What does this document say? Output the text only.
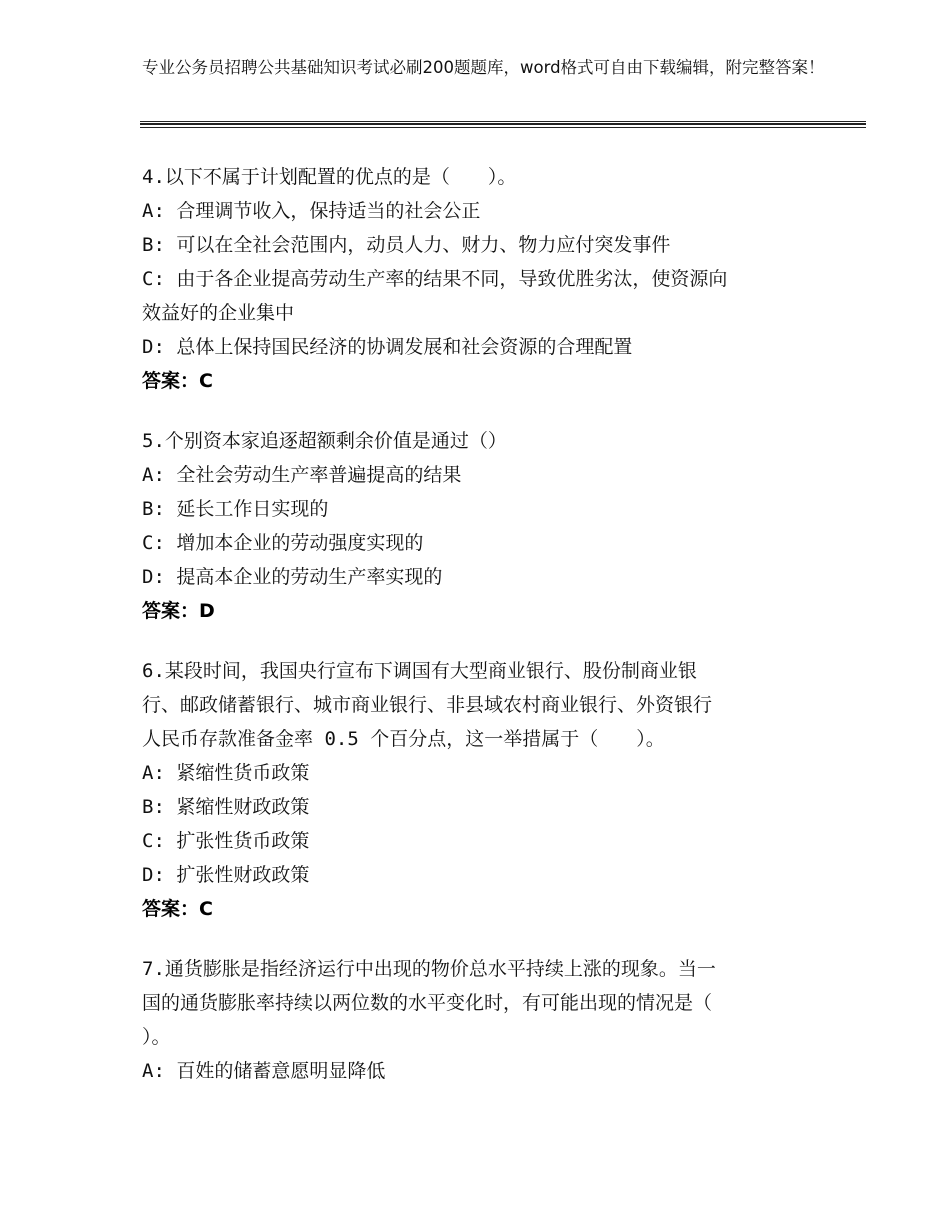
专业公务员招聘公共基础知识考试必刷200题题库，word格式可自由下载编辑，附完整答案！
4.以下不属于计划配置的优点的是（　　）。
A: 合理调节收入，保持适当的社会公正
B: 可以在全社会范围内，动员人力、财力、物力应付突发事件
C: 由于各企业提高劳动生产率的结果不同，导致优胜劣汰，使资源向
效益好的企业集中
D: 总体上保持国民经济的协调发展和社会资源的合理配置
答案：C
5.个别资本家追逐超额剩余价值是通过（）
A: 全社会劳动生产率普遍提高的结果
B: 延长工作日实现的
C: 增加本企业的劳动强度实现的
D: 提高本企业的劳动生产率实现的
答案：D
6.某段时间，我国央行宣布下调国有大型商业银行、股份制商业银
行、邮政储蓄银行、城市商业银行、非县域农村商业银行、外资银行
人民币存款准备金率 0.5 个百分点，这一举措属于（　　）。
A: 紧缩性货币政策
B: 紧缩性财政政策
C: 扩张性货币政策
D: 扩张性财政政策
答案：C
7.通货膨胀是指经济运行中出现的物价总水平持续上涨的现象。当一
国的通货膨胀率持续以两位数的水平变化时，有可能出现的情况是（
）。
A: 百姓的储蓄意愿明显降低
